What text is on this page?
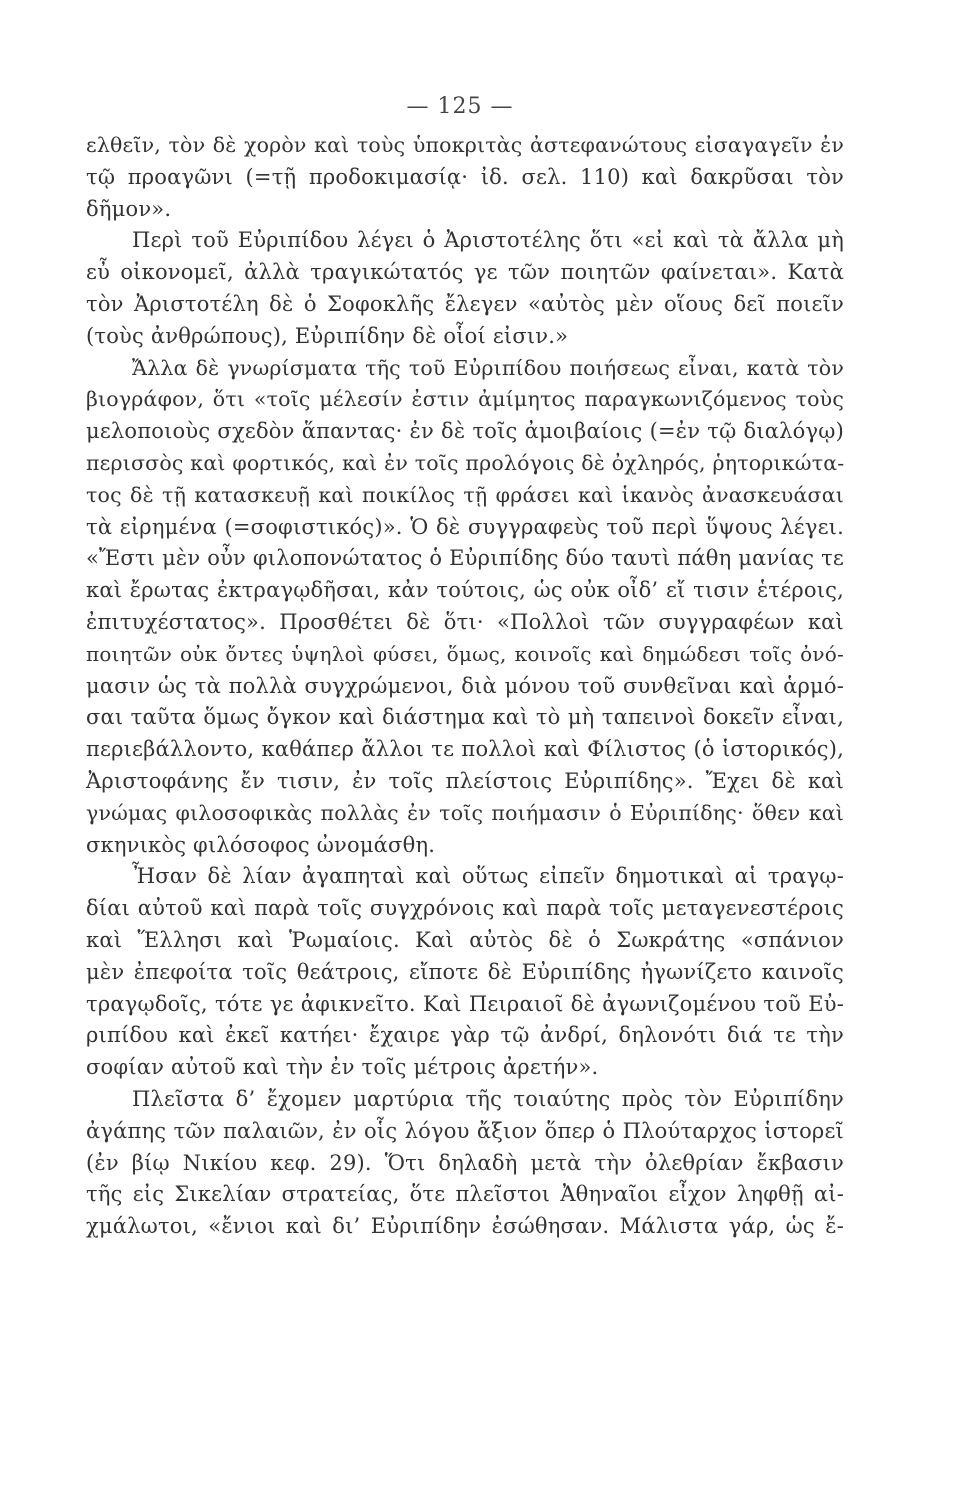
— 125 —
ελθεῖν, τὸν δὲ χορὸν καὶ τοὺς ὑποκριτὰς ἀστεφανώτους εἰσαγαγεῖν ἐν
τῷ προαγῶνι (=τῇ προδοκιμασίᾳ· ἰδ. σελ. 110) καὶ δακρῦσαι τὸν
δῆμον».
Περὶ τοῦ Εὐριπίδου λέγει ὁ Ἀριστοτέλης ὅτι «εἰ καὶ τὰ ἄλλα μὴ
εὖ οἰκονομεῖ, ἀλλὰ τραγικώτατός γε τῶν ποιητῶν φαίνεται». Κατὰ
τὸν Ἀριστοτέλη δὲ ὁ Σοφοκλῆς ἔλεγεν «αὐτὸς μὲν οἵους δεῖ ποιεῖν
(τοὺς ἀνθρώπους), Εὐριπίδην δὲ οἷοί εἰσιν.»
Ἄλλα δὲ γνωρίσματα τῆς τοῦ Εὐριπίδου ποιήσεως εἶναι, κατὰ τὸν
βιογράφον, ὅτι «τοῖς μέλεσίν ἐστιν ἀμίμητος παραγκωνιζόμενος τοὺς
μελοποιοὺς σχεδὸν ἅπαντας· ἐν δὲ τοῖς ἀμοιβαίοις (=ἐν τῷ διαλόγῳ)
περισσὸς καὶ φορτικός, καὶ ἐν τοῖς προλόγοις δὲ ὀχληρός, ῥητορικώτα-
τος δὲ τῇ κατασκευῇ καὶ ποικίλος τῇ φράσει καὶ ἱκανὸς ἀνασκευάσαι
τὰ εἰρημένα (=σοφιστικός)». Ὁ δὲ συγγραφεὺς τοῦ περὶ ὕψους λέγει.
«Ἔστι μὲν οὖν φιλοπονώτατος ὁ Εὐριπίδης δύο ταυτὶ πάθη μανίας τε
καὶ ἔρωτας ἐκτραγῳδῆσαι, κἀν τούτοις, ὡς οὐκ οἶδ’ εἴ τισιν ἑτέροις,
ἐπιτυχέστατος». Προσθέτει δὲ ὅτι· «Πολλοὶ τῶν συγγραφέων καὶ
ποιητῶν οὐκ ὄντες ὑψηλοὶ φύσει, ὅμως, κοινοῖς καὶ δημώδεσι τοῖς ὀνό-
μασιν ὡς τὰ πολλὰ συγχρώμενοι, διὰ μόνου τοῦ συνθεῖναι καὶ ἁρμό-
σαι ταῦτα ὅμως ὄγκον καὶ διάστημα καὶ τὸ μὴ ταπεινοὶ δοκεῖν εἶναι,
περιεβάλλοντο, καθάπερ ἄλλοι τε πολλοὶ καὶ Φίλιστος (ὁ ἱστορικός),
Ἀριστοφάνης ἔν τισιν, ἐν τοῖς πλείστοις Εὐριπίδης». Ἔχει δὲ καὶ
γνώμας φιλοσοφικὰς πολλὰς ἐν τοῖς ποιήμασιν ὁ Εὐριπίδης· ὅθεν καὶ
σκηνικὸς φιλόσοφος ὠνομάσθη.
Ἦσαν δὲ λίαν ἀγαπηταὶ καὶ οὕτως εἰπεῖν δημοτικαὶ αἱ τραγῳ-
δίαι αὐτοῦ καὶ παρὰ τοῖς συγχρόνοις καὶ παρὰ τοῖς μεταγενεστέροις
καὶ Ἕλλησι καὶ Ῥωμαίοις. Καὶ αὐτὸς δὲ ὁ Σωκράτης «σπάνιον
μὲν ἐπεφοίτα τοῖς θεάτροις, εἴποτε δὲ Εὐριπίδης ἠγωνίζετο καινοῖς
τραγῳδοῖς, τότε γε ἀφικνεῖτο. Καὶ Πειραιοῖ δὲ ἀγωνιζομένου τοῦ Εὐ-
ριπίδου καὶ ἐκεῖ κατήει· ἔχαιρε γὰρ τῷ ἀνδρί, δηλονότι διά τε τὴν
σοφίαν αὐτοῦ καὶ τὴν ἐν τοῖς μέτροις ἀρετήν».
Πλεῖστα δ’ ἔχομεν μαρτύρια τῆς τοιαύτης πρὸς τὸν Εὐριπίδην
ἀγάπης τῶν παλαιῶν, ἐν οἷς λόγου ἄξιον ὅπερ ὁ Πλούταρχος ἱστορεῖ
(ἐν βίῳ Νικίου κεφ. 29). Ὅτι δηλαδὴ μετὰ τὴν ὀλεθρίαν ἔκβασιν
τῆς εἰς Σικελίαν στρατείας, ὅτε πλεῖστοι Ἀθηναῖοι εἶχον ληφθῇ αἰ-
χμάλωτοι, «ἔνιοι καὶ δι’ Εὐριπίδην ἐσώθησαν. Μάλιστα γάρ, ὡς ἔ-
